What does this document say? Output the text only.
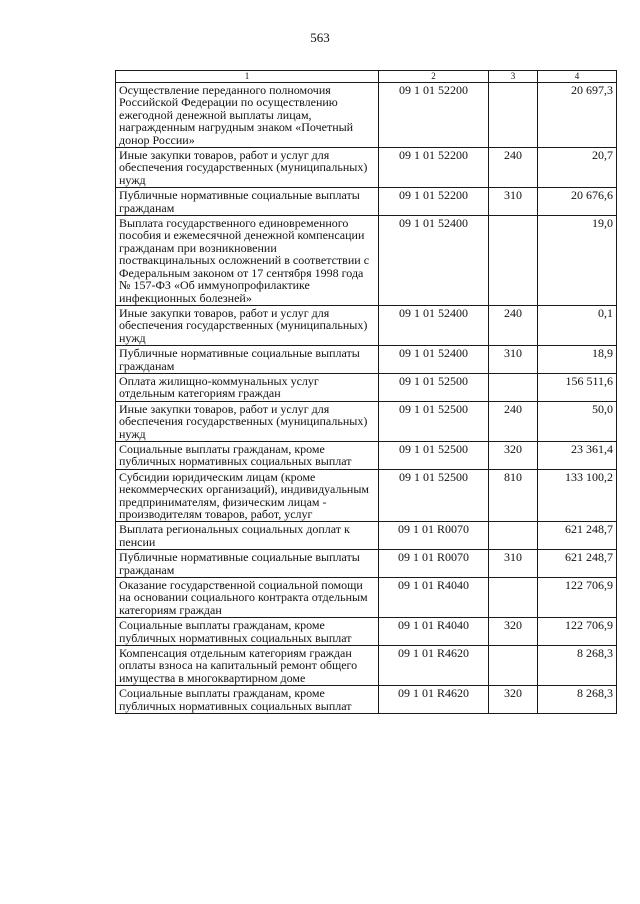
563
1	2	3	4
Осуществление переданного полномочия Российской Федерации по осуществлению ежегодной денежной выплаты лицам, награжденным нагрудным знаком «Почетный донор России»	09 1 01 52200		20 697,3
Иные закупки товаров, работ и услуг для обеспечения государственных (муниципальных) нужд	09 1 01 52200	240	20,7
Публичные нормативные социальные выплаты гражданам	09 1 01 52200	310	20 676,6
Выплата государственного единовременного пособия и ежемесячной денежной компенсации гражданам при возникновении поствакцинальных осложнений в соответствии с Федеральным законом от 17 сентября 1998 года № 157-ФЗ «Об иммунопрофилактике инфекционных болезней»	09 1 01 52400		19,0
Иные закупки товаров, работ и услуг для обеспечения государственных (муниципальных) нужд	09 1 01 52400	240	0,1
Публичные нормативные социальные выплаты гражданам	09 1 01 52400	310	18,9
Оплата жилищно-коммунальных услуг отдельным категориям граждан	09 1 01 52500		156 511,6
Иные закупки товаров, работ и услуг для обеспечения государственных (муниципальных) нужд	09 1 01 52500	240	50,0
Социальные выплаты гражданам, кроме публичных нормативных социальных выплат	09 1 01 52500	320	23 361,4
Субсидии юридическим лицам (кроме некоммерческих организаций), индивидуальным предпринимателям, физическим лицам - производителям товаров, работ, услуг	09 1 01 52500	810	133 100,2
Выплата региональных социальных доплат к пенсии	09 1 01 R0070		621 248,7
Публичные нормативные социальные выплаты гражданам	09 1 01 R0070	310	621 248,7
Оказание государственной социальной помощи на основании социального контракта отдельным категориям граждан	09 1 01 R4040		122 706,9
Социальные выплаты гражданам, кроме публичных нормативных социальных выплат	09 1 01 R4040	320	122 706,9
Компенсация отдельным категориям граждан оплаты взноса на капитальный ремонт общего имущества в многоквартирном доме	09 1 01 R4620		8 268,3
Социальные выплаты гражданам, кроме публичных нормативных социальных выплат	09 1 01 R4620	320	8 268,3
